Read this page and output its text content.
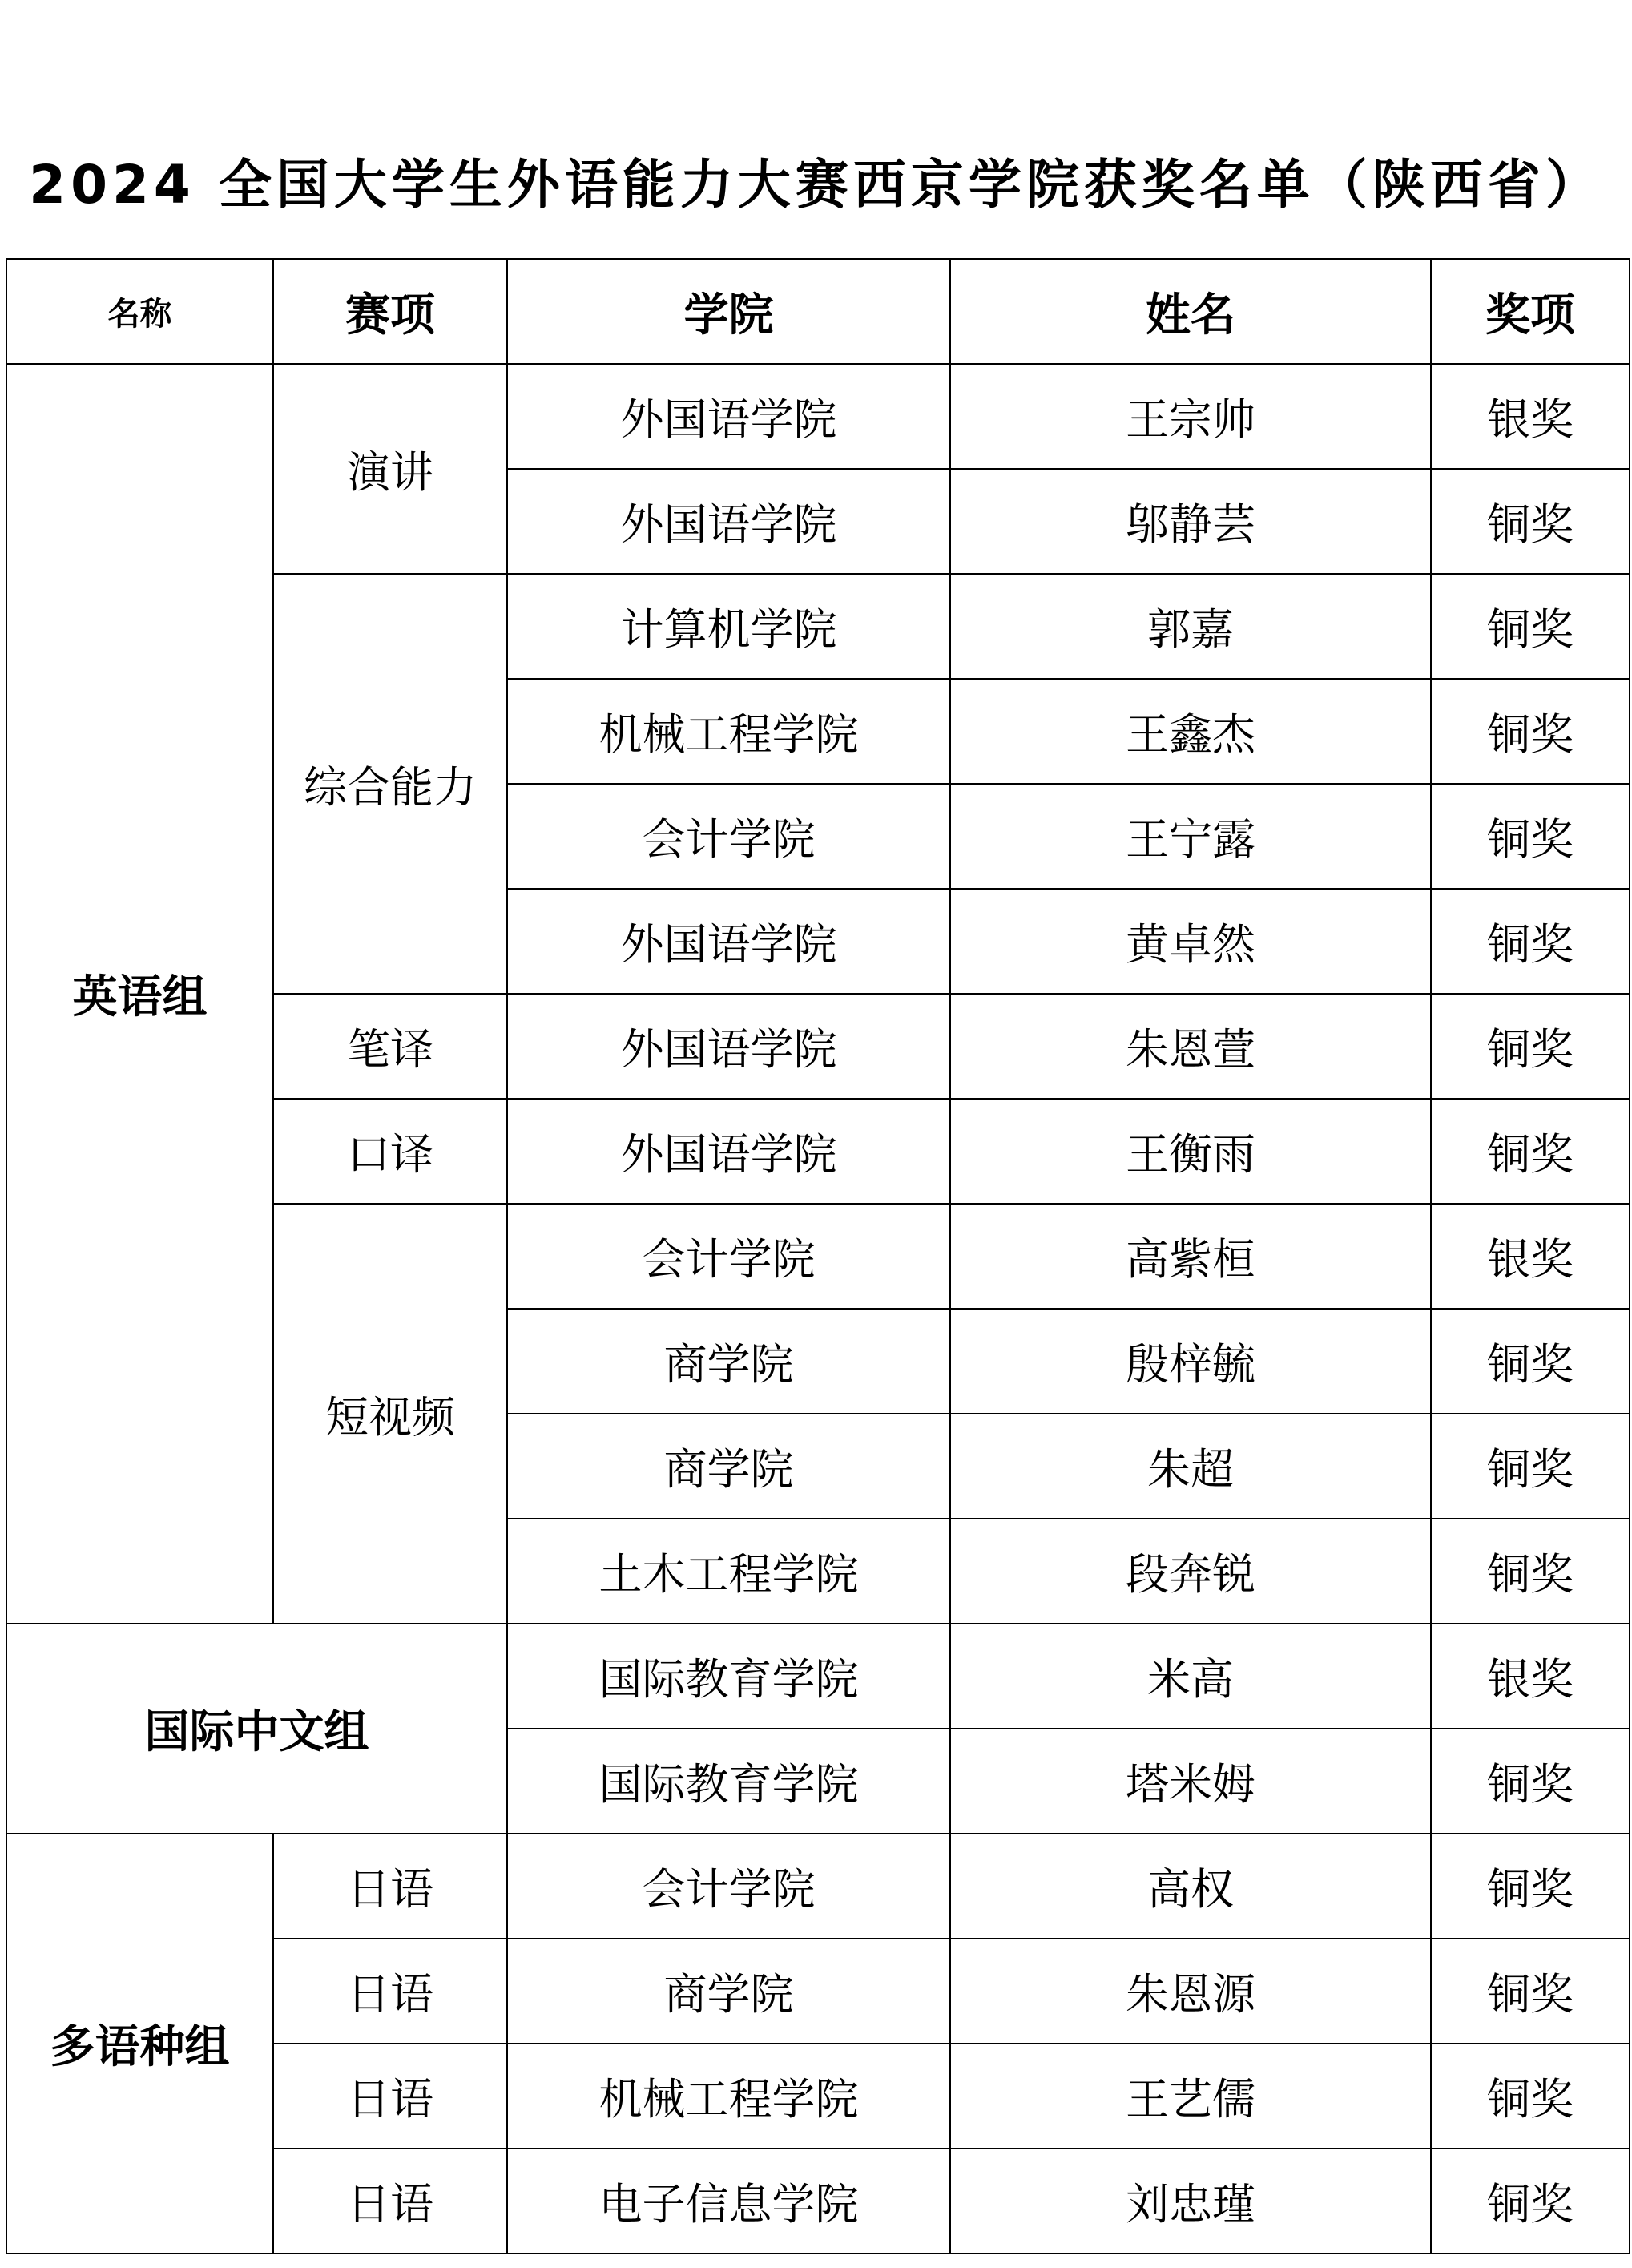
2024 全国大学生外语能力大赛西京学院获奖名单（陕西省）
名称	赛项	学院	姓名	奖项
英语组	演讲	外国语学院	王宗帅	银奖
		外国语学院	邬静芸	铜奖
	综合能力	计算机学院	郭嘉	铜奖
		机械工程学院	王鑫杰	铜奖
		会计学院	王宁露	铜奖
		外国语学院	黄卓然	铜奖
	笔译	外国语学院	朱恩萱	铜奖
	口译	外国语学院	王衡雨	铜奖
	短视频	会计学院	高紫桓	银奖
		商学院	殷梓毓	铜奖
		商学院	朱超	铜奖
		土木工程学院	段奔锐	铜奖
国际中文组		国际教育学院	米高	银奖
		国际教育学院	塔米姆	铜奖
多语种组	日语	会计学院	高权	铜奖
	日语	商学院	朱恩源	铜奖
	日语	机械工程学院	王艺儒	铜奖
	日语	电子信息学院	刘忠瑾	铜奖
